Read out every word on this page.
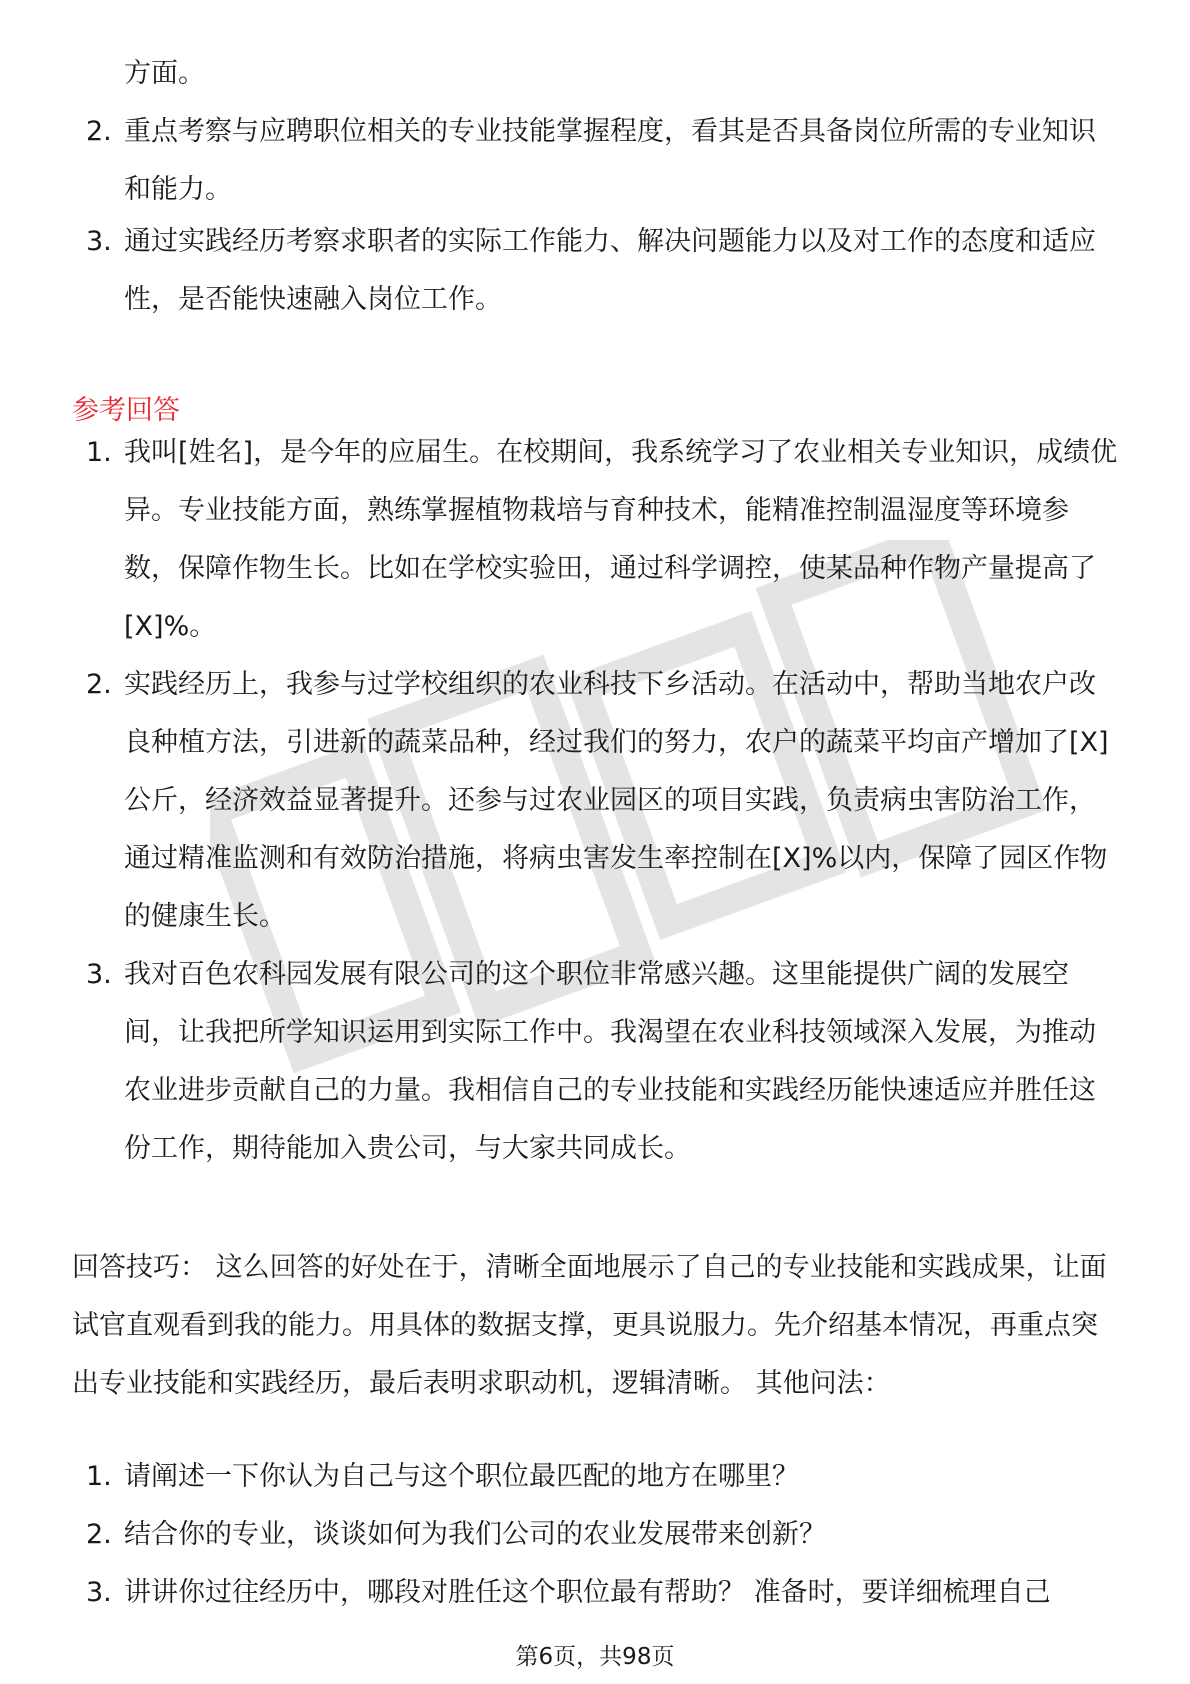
方面。
2. 重点考察与应聘职位相关的专业技能掌握程度，看其是否具备岗位所需的专业知识和能力。
3. 通过实践经历考察求职者的实际工作能力、解决问题能力以及对工作的态度和适应性，是否能快速融入岗位工作。
参考回答
1. 我叫[姓名]，是今年的应届生。在校期间，我系统学习了农业相关专业知识，成绩优异。专业技能方面，熟练掌握植物栽培与育种技术，能精准控制温湿度等环境参数，保障作物生长。比如在学校实验田，通过科学调控，使某品种作物产量提高了[X]%。
2. 实践经历上，我参与过学校组织的农业科技下乡活动。在活动中，帮助当地农户改良种植方法，引进新的蔬菜品种，经过我们的努力，农户的蔬菜平均亩产增加了[X]公斤，经济效益显著提升。还参与过农业园区的项目实践，负责病虫害防治工作，通过精准监测和有效防治措施，将病虫害发生率控制在[X]%以内，保障了园区作物的健康生长。
3. 我对百色农科园发展有限公司的这个职位非常感兴趣。这里能提供广阔的发展空间，让我把所学知识运用到实际工作中。我渴望在农业科技领域深入发展，为推动农业进步贡献自己的力量。我相信自己的专业技能和实践经历能快速适应并胜任这份工作，期待能加入贵公司，与大家共同成长。
回答技巧： 这么回答的好处在于，清晰全面地展示了自己的专业技能和实践成果，让面试官直观看到我的能力。用具体的数据支撑，更具说服力。先介绍基本情况，再重点突出专业技能和实践经历，最后表明求职动机，逻辑清晰。 其他问法：
1. 请阐述一下你认为自己与这个职位最匹配的地方在哪里？
2. 结合你的专业，谈谈如何为我们公司的农业发展带来创新？
3. 讲讲你过往经历中，哪段对胜任这个职位最有帮助？ 准备时，要详细梳理自己
第6页，共98页
